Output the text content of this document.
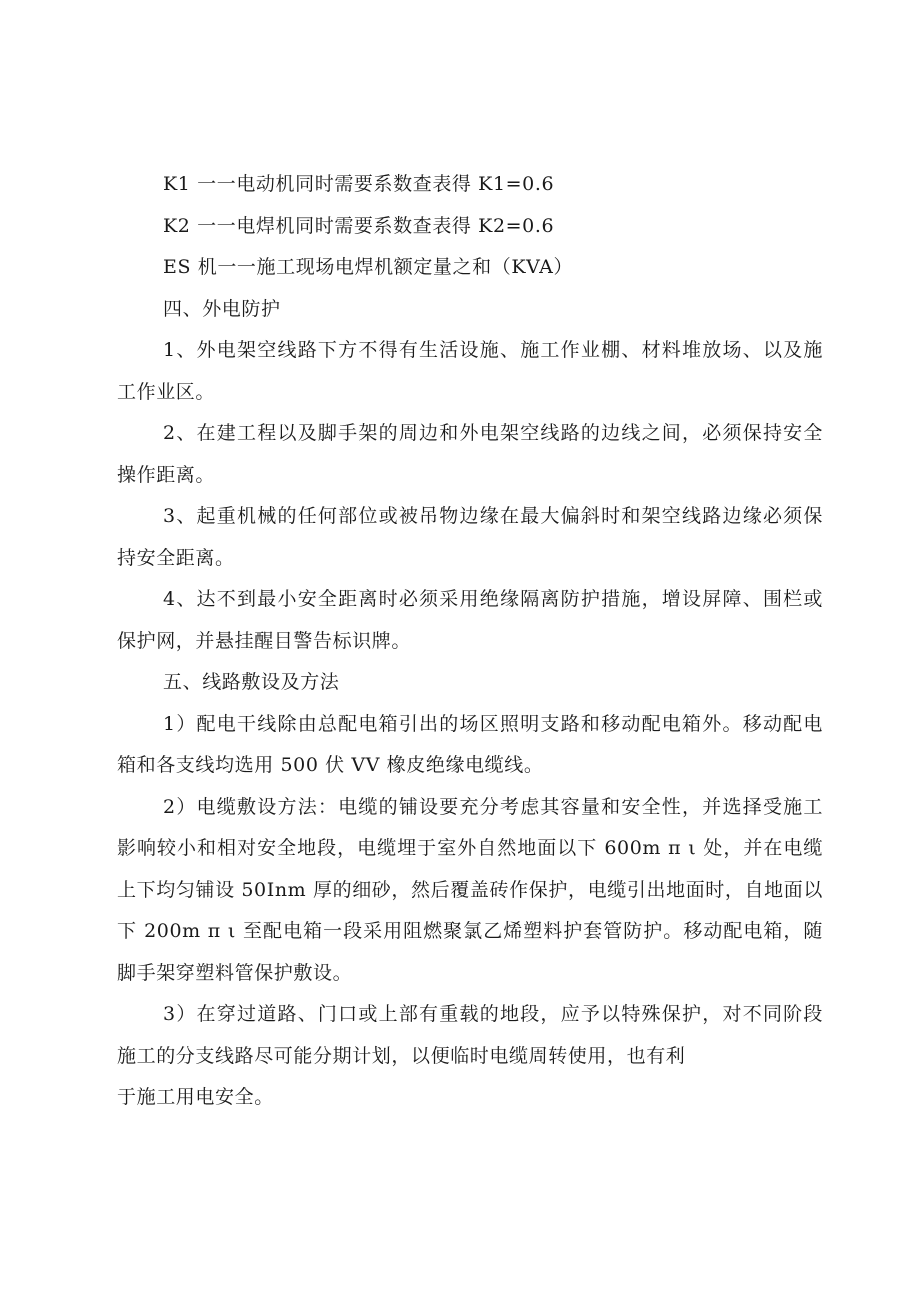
K1 一一电动机同时需要系数查表得 K1=0.6

K2 一一电焊机同时需要系数查表得 K2=0.6

ES 机一一施工现场电焊机额定量之和（KVA）

四、外电防护

1、外电架空线路下方不得有生活设施、施工作业棚、材料堆放场、以及施

工作业区。

2、在建工程以及脚手架的周边和外电架空线路的边线之间，必须保持安全

操作距离。

3、起重机械的任何部位或被吊物边缘在最大偏斜时和架空线路边缘必须保

持安全距离。

4、达不到最小安全距离时必须采用绝缘隔离防护措施，增设屏障、围栏或

保护网，并悬挂醒目警告标识牌。

五、线路敷设及方法

1）配电干线除由总配电箱引出的场区照明支路和移动配电箱外。移动配电

箱和各支线均选用 500 伏 VV 橡皮绝缘电缆线。

2）电缆敷设方法：电缆的铺设要充分考虑其容量和安全性，并选择受施工

影响较小和相对安全地段，电缆埋于室外自然地面以下 600m π ι 处，并在电缆

上下均匀铺设 50Inm 厚的细砂，然后覆盖砖作保护，电缆引出地面时，自地面以

下 200m π ι 至配电箱一段采用阻燃聚氯乙烯塑料护套管防护。移动配电箱，随

脚手架穿塑料管保护敷设。

3）在穿过道路、门口或上部有重载的地段，应予以特殊保护，对不同阶段

施工的分支线路尽可能分期计划，以便临时电缆周转使用，也有利

于施工用电安全。
